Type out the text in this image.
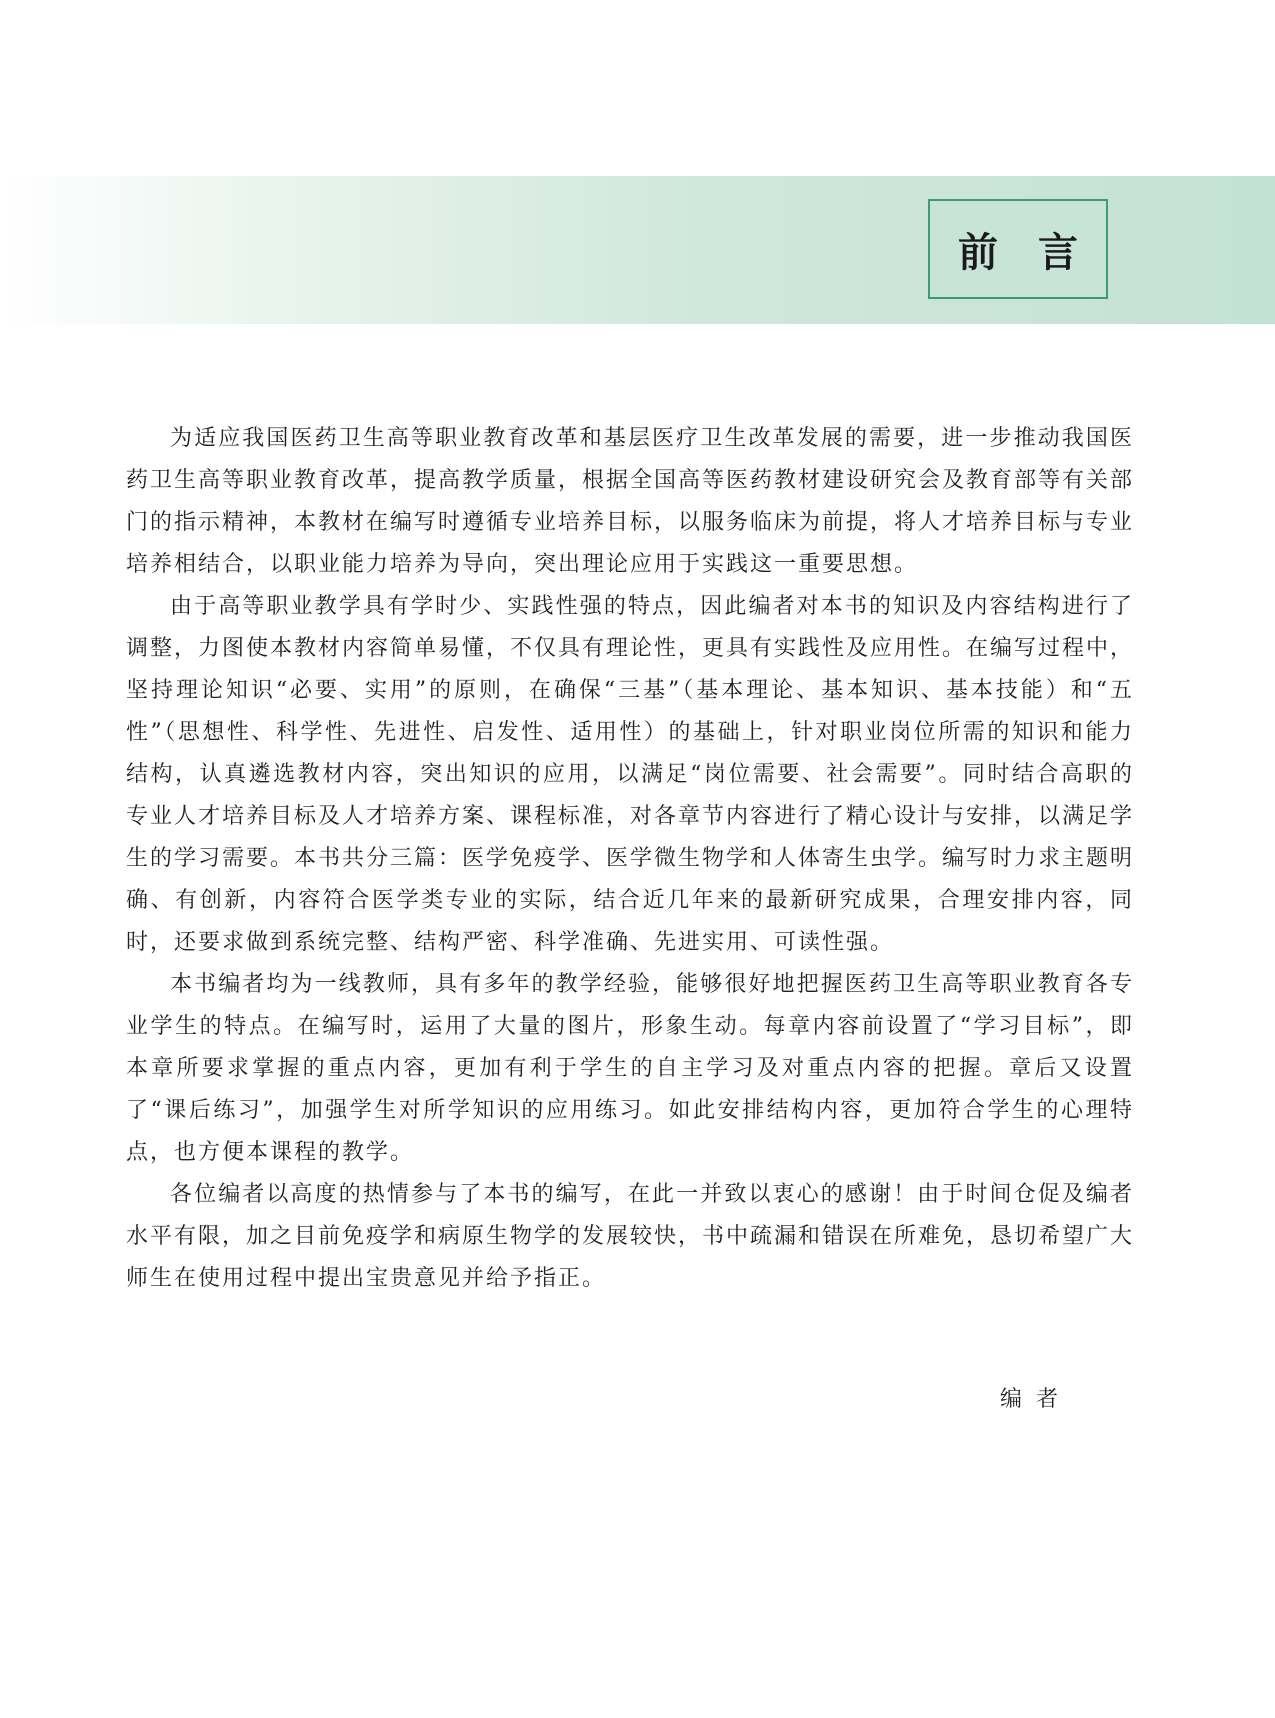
前言

为适应我国医药卫生高等职业教育改革和基层医疗卫生改革发展的需要，进一步推动我国医药卫生高等职业教育改革，提高教学质量，根据全国高等医药教材建设研究会及教育部等有关部门的指示精神，本教材在编写时遵循专业培养目标，以服务临床为前提，将人才培养目标与专业培养相结合，以职业能力培养为导向，突出理论应用于实践这一重要思想。

由于高等职业教学具有学时少、实践性强的特点，因此编者对本书的知识及内容结构进行了调整，力图使本教材内容简单易懂，不仅具有理论性，更具有实践性及应用性。在编写过程中，坚持理论知识“必要、实用”的原则，在确保“三基”（基本理论、基本知识、基本技能）和“五性”（思想性、科学性、先进性、启发性、适用性）的基础上，针对职业岗位所需的知识和能力结构，认真遴选教材内容，突出知识的应用，以满足“岗位需要、社会需要”。同时结合高职的专业人才培养目标及人才培养方案、课程标准，对各章节内容进行了精心设计与安排，以满足学生的学习需要。本书共分三篇：医学免疫学、医学微生物学和人体寄生虫学。编写时力求主题明确、有创新，内容符合医学类专业的实际，结合近几年来的最新研究成果，合理安排内容，同时，还要求做到系统完整、结构严密、科学准确、先进实用、可读性强。

本书编者均为一线教师，具有多年的教学经验，能够很好地把握医药卫生高等职业教育各专业学生的特点。在编写时，运用了大量的图片，形象生动。每章内容前设置了“学习目标”，即本章所要求掌握的重点内容，更加有利于学生的自主学习及对重点内容的把握。章后又设置了“课后练习”，加强学生对所学知识的应用练习。如此安排结构内容，更加符合学生的心理特点，也方便本课程的教学。

各位编者以高度的热情参与了本书的编写，在此一并致以衷心的感谢！由于时间仓促及编者水平有限，加之目前免疫学和病原生物学的发展较快，书中疏漏和错误在所难免，恳切希望广大师生在使用过程中提出宝贵意见并给予指正。

编者
